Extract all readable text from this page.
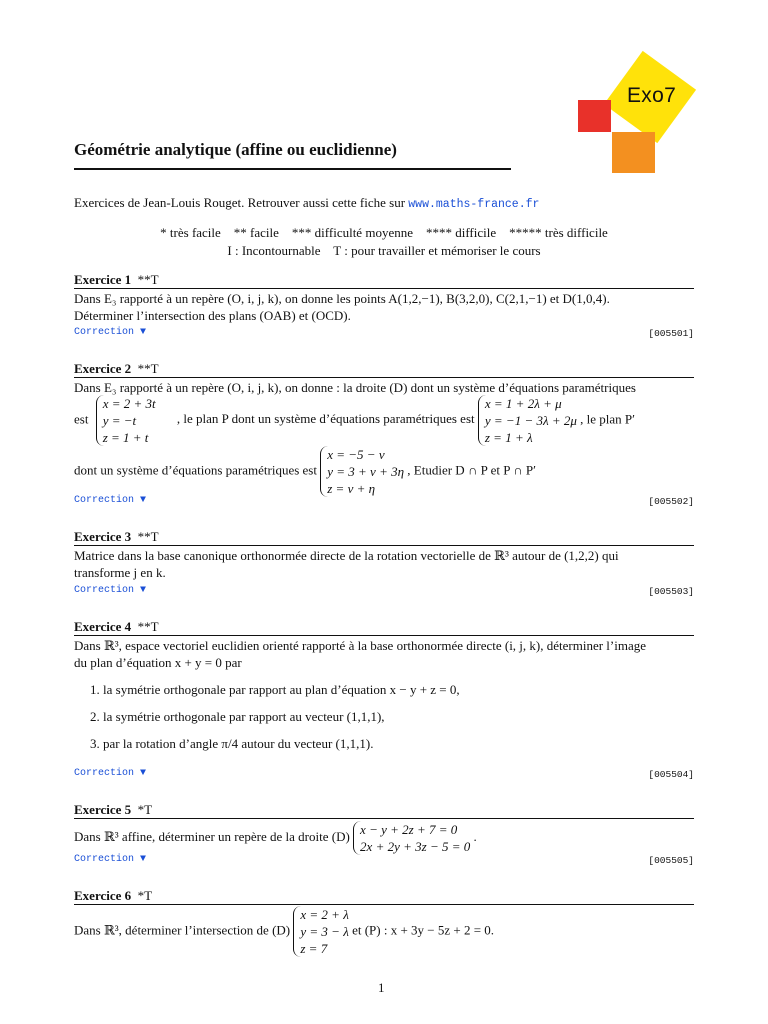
Exo7
Géométrie analytique (affine ou euclidienne)
Exercices de Jean-Louis Rouget. Retrouver aussi cette fiche sur www.maths-france.fr
* très facile    ** facile    *** difficulté moyenne    **** difficile    ***** très difficile
I : Incontournable    T : pour travailler et mémoriser le cours
Exercice 1 **T
Dans E₃ rapporté à un repère (O, i, j, k), on donne les points A(1,2,−1), B(3,2,0), C(2,1,−1) et D(1,0,4).
Déterminer l’intersection des plans (OAB) et (OCD).
Correction ▼	[005501]
Exercice 2 **T
Dans E₃ rapporté à un repère (O, i, j, k), on donne : la droite (D) dont un système d’équations paramétriques
est
x = 2 + 3t
y = −t
z = 1 + t
, le plan P dont un système d’équations paramétriques est
x = 1 + 2λ + μ
y = −1 − 3λ + 2μ
z = 1 + λ
, le plan P′
dont un système d’équations paramétriques est
x = −5 − ν
y = 3 + ν + 3η
z = ν + η
, Etudier D ∩ P et P ∩ P′
Correction ▼	[005502]
Exercice 3 **T
Matrice dans la base canonique orthonormée directe de la rotation vectorielle de ℝ³ autour de (1,2,2) qui
transforme j en k.
Correction ▼	[005503]
Exercice 4 **T
Dans ℝ³, espace vectoriel euclidien orienté rapporté à la base orthonormée directe (i, j, k), déterminer l’image
du plan d’équation x + y = 0 par
1. la symétrie orthogonale par rapport au plan d’équation x − y + z = 0,
2. la symétrie orthogonale par rapport au vecteur (1,1,1),
3. par la rotation d’angle π/4 autour du vecteur (1,1,1).
Correction ▼	[005504]
Exercice 5 *T
Dans ℝ³ affine, déterminer un repère de la droite (D) x − y + 2z + 7 = 0
2x + 2y + 3z − 5 = 0
.
Correction ▼	[005505]
Exercice 6 *T
Dans ℝ³, déterminer l’intersection de (D)
x = 2 + λ
y = 3 − λ
z = 7
et (P) : x + 3y − 5z + 2 = 0.
1
